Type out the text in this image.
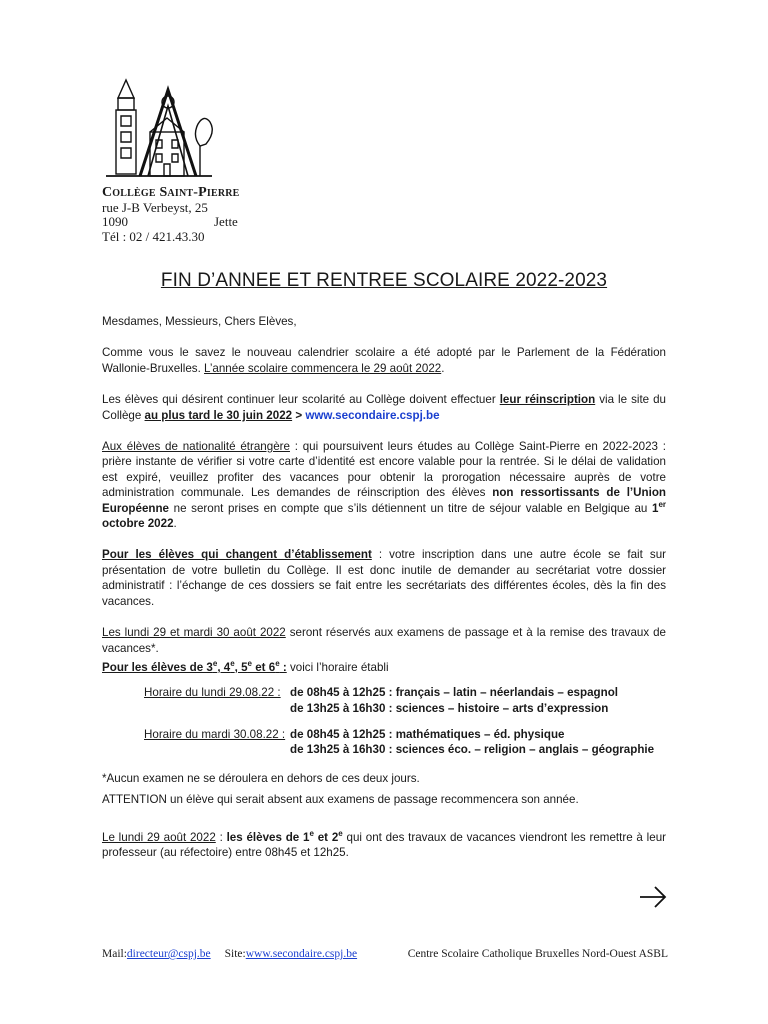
Collège Saint-Pierre
rue J-B Verbeyst, 25
1090	Jette
Tél : 02 / 421.43.30
FIN D’ANNEE ET RENTREE SCOLAIRE 2022-2023

Mesdames, Messieurs, Chers Elèves,

Comme vous le savez le nouveau calendrier scolaire a été adopté par le Parlement de la Fédération Wallonie-Bruxelles. L’année scolaire commencera le 29 août 2022.

Les élèves qui désirent continuer leur scolarité au Collège doivent effectuer leur réinscription via le site du Collège au plus tard le 30 juin 2022 > www.secondaire.cspj.be

Aux élèves de nationalité étrangère : qui poursuivent leurs études au Collège Saint-Pierre en 2022-2023 : prière instante de vérifier si votre carte d’identité est encore valable pour la rentrée. Si le délai de validation est expiré, veuillez profiter des vacances pour obtenir la prorogation nécessaire auprès de votre administration communale. Les demandes de réinscription des élèves non ressortissants de l’Union Européenne ne seront prises en compte que s’ils détiennent un titre de séjour valable en Belgique au 1er octobre 2022.

Pour les élèves qui changent d’établissement : votre inscription dans une autre école se fait sur présentation de votre bulletin du Collège. Il est donc inutile de demander au secrétariat votre dossier administratif : l’échange de ces dossiers se fait entre les secrétariats des différentes écoles, dès la fin des vacances.

Les lundi 29 et mardi 30 août 2022 seront réservés aux examens de passage et à la remise des travaux de vacances*.

Pour les élèves de 3e, 4e, 5e et 6e : voici l’horaire établi

Horaire du lundi 29.08.22 : de 08h45 à 12h25 : français – latin – néerlandais – espagnol
de 13h25 à 16h30 : sciences – histoire – arts d’expression
Horaire du mardi 30.08.22 : de 08h45 à 12h25 : mathématiques – éd. physique
de 13h25 à 16h30 : sciences éco. – religion – anglais – géographie

*Aucun examen ne se déroulera en dehors de ces deux jours.

ATTENTION un élève qui serait absent aux examens de passage recommencera son année.

Le lundi 29 août 2022 : les élèves de 1e et 2e qui ont des travaux de vacances viendront les remettre à leur professeur (au réfectoire) entre 08h45 et 12h25.

Mail: directeur@cspj.be Site: www.secondaire.cspj.be	Centre Scolaire Catholique Bruxelles Nord-Ouest ASBL
